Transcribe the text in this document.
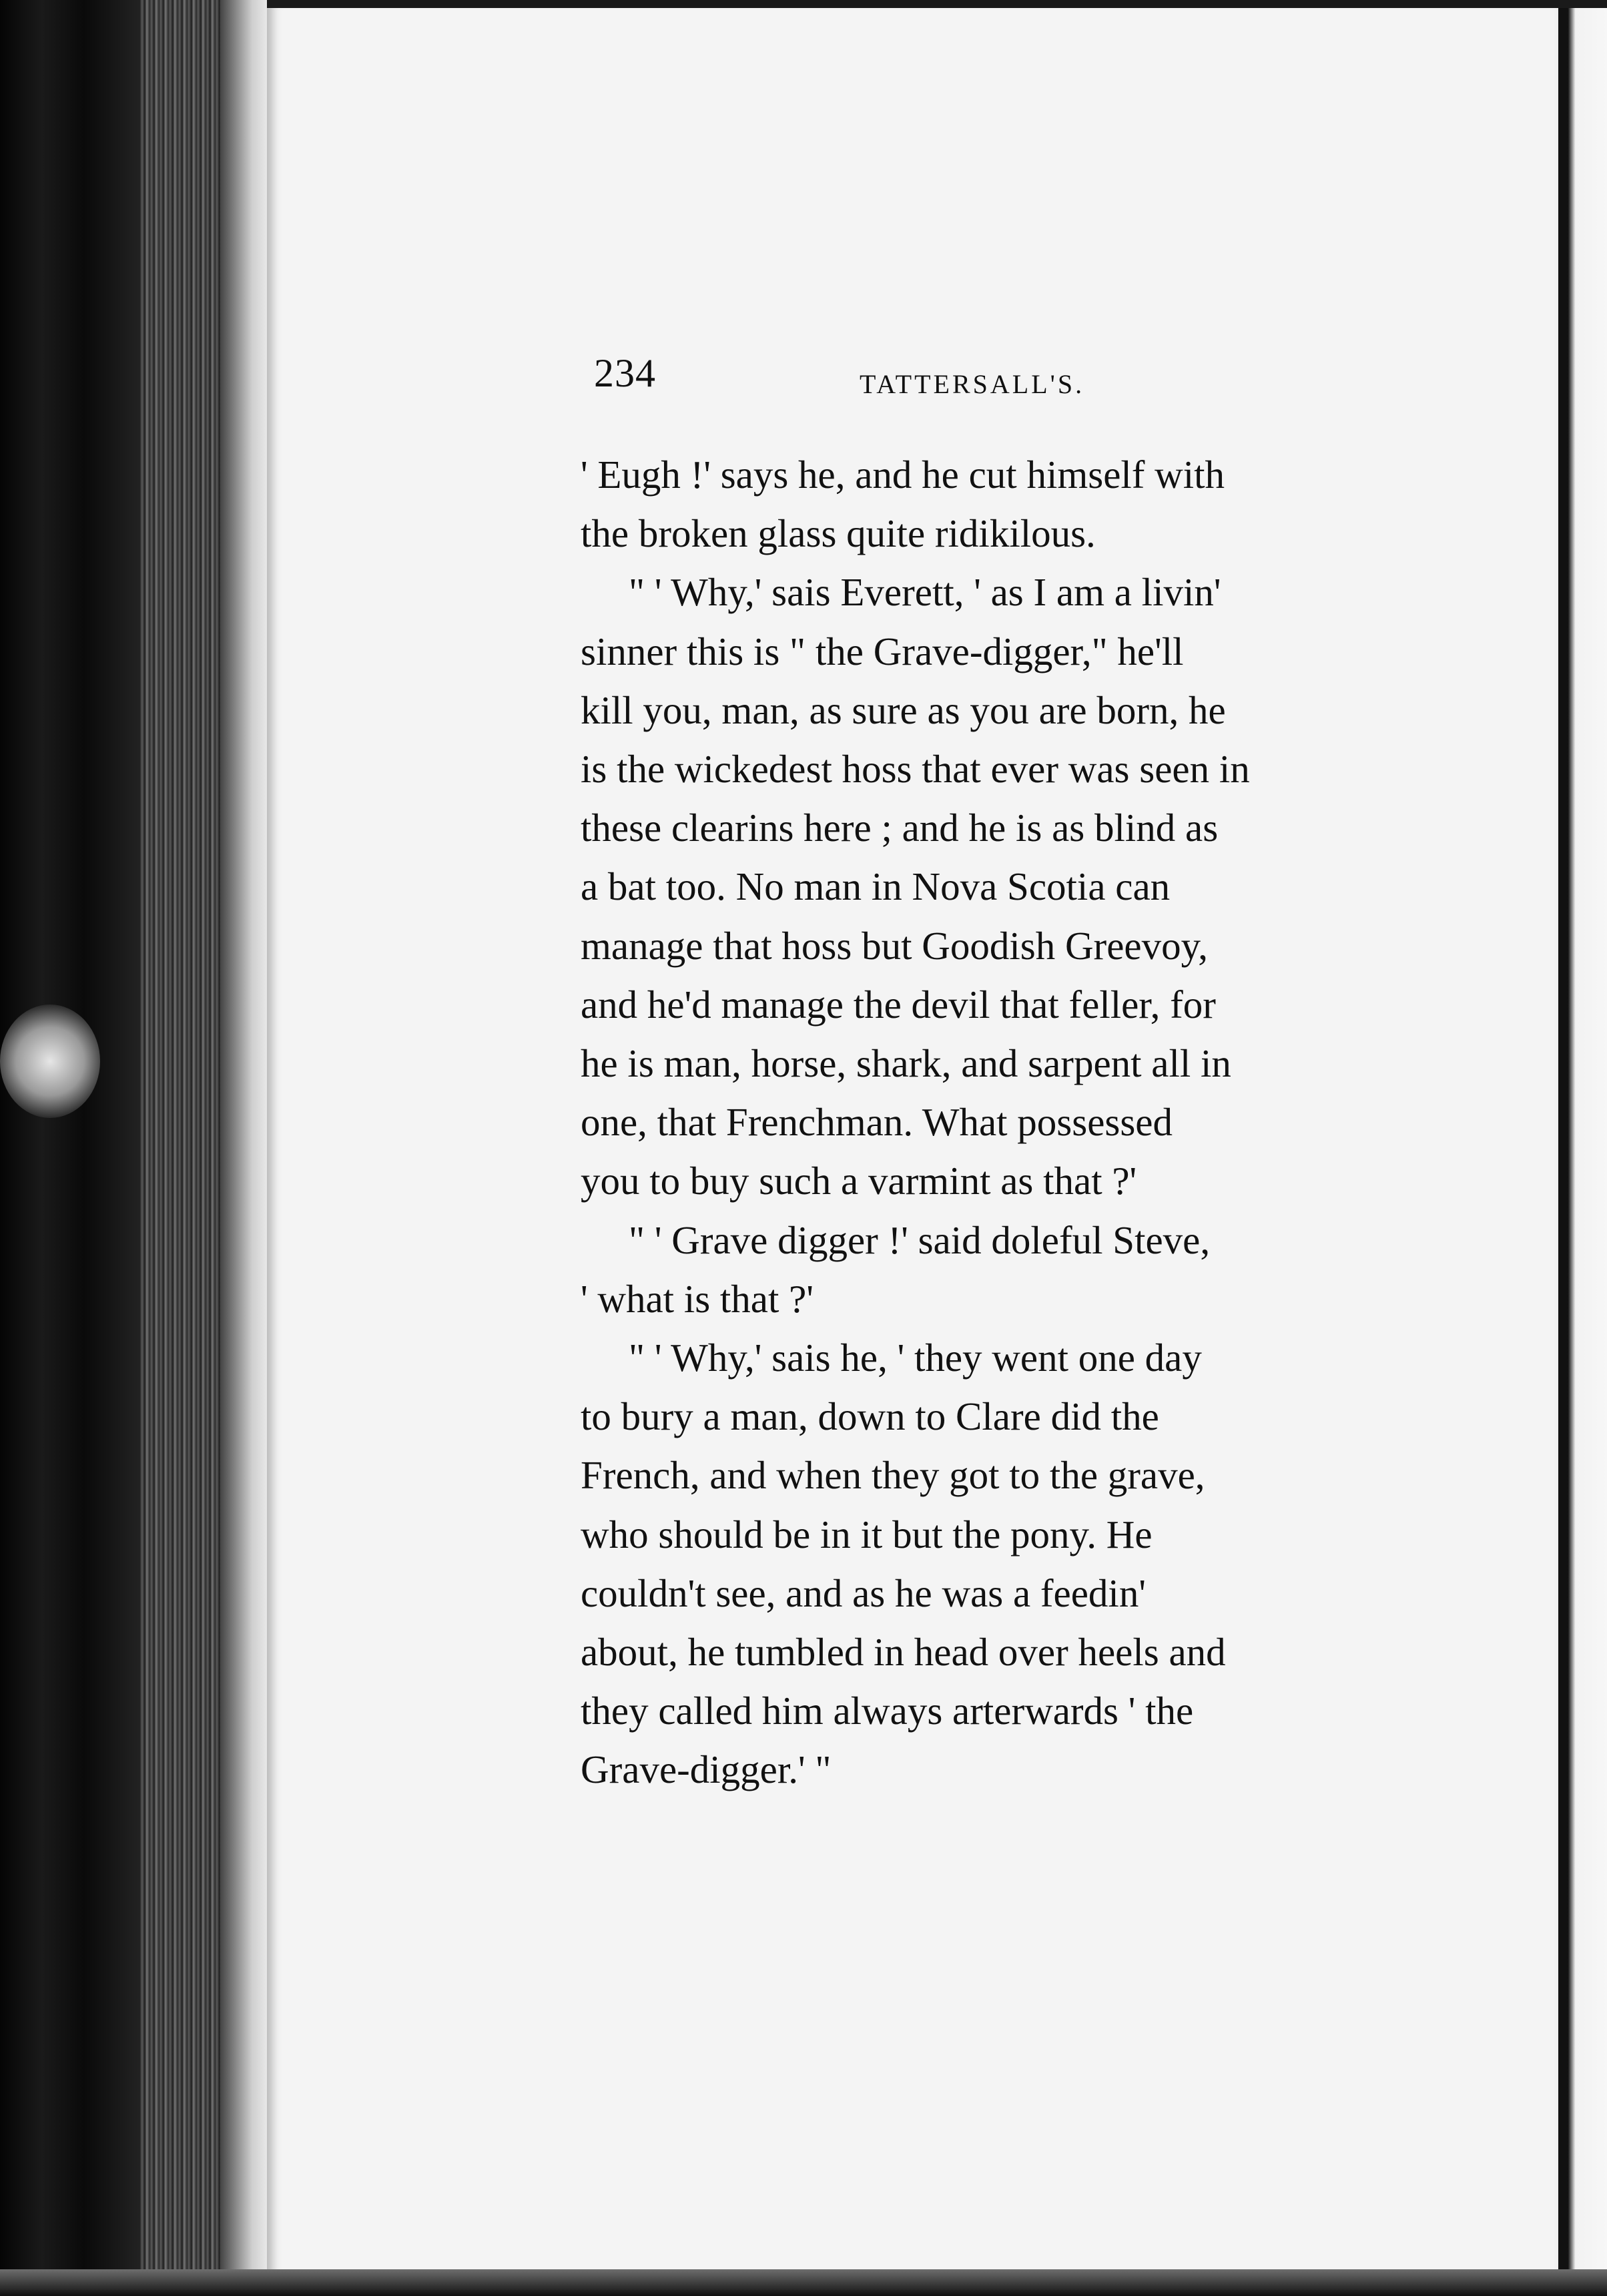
234	TATTERSALL'S.
' Eugh !' says he, and he cut himself with
the broken glass quite ridikilous.
" ' Why,' sais Everett, ' as I am a livin'
sinner this is " the Grave-digger," he'll
kill you, man, as sure as you are born, he
is the wickedest hoss that ever was seen in
these clearins here ; and he is as blind as
a bat too. No man in Nova Scotia can
manage that hoss but Goodish Greevoy,
and he'd manage the devil that feller, for
he is man, horse, shark, and sarpent all in
one, that Frenchman. What possessed
you to buy such a varmint as that ?'
" ' Grave digger !' said doleful Steve,
' what is that ?'
" ' Why,' sais he, ' they went one day
to bury a man, down to Clare did the
French, and when they got to the grave,
who should be in it but the pony. He
couldn't see, and as he was a feedin'
about, he tumbled in head over heels and
they called him always arterwards ' the
Grave-digger.' "
